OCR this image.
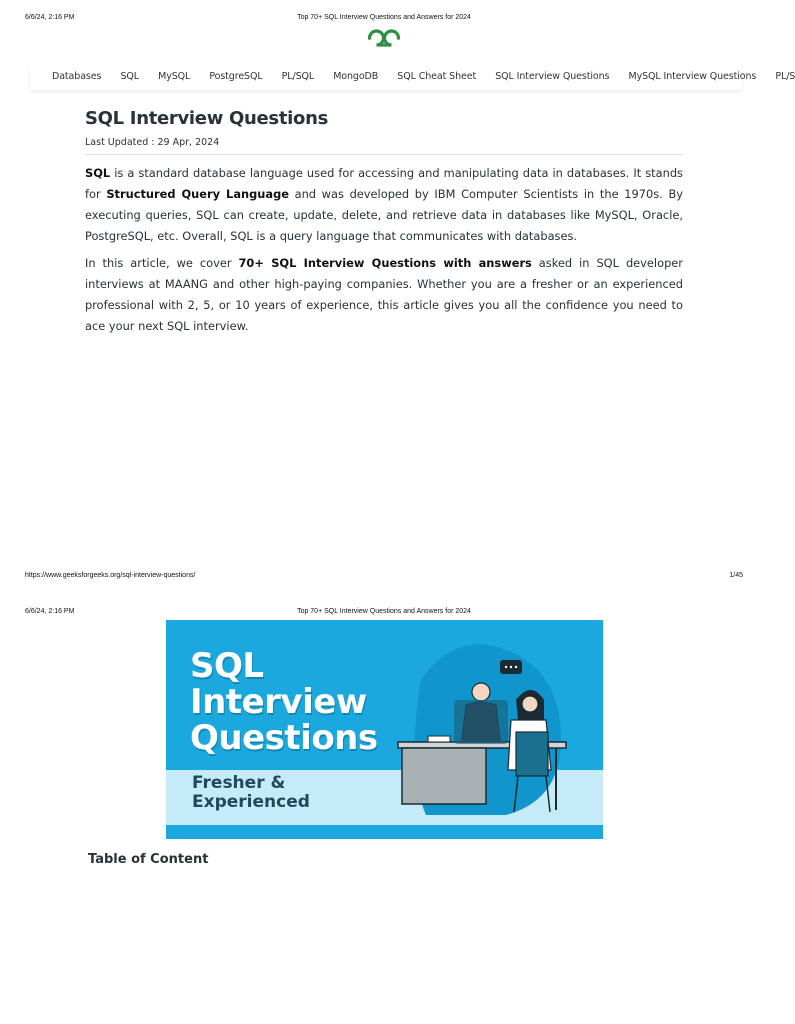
6/6/24, 2:16 PM	Top 70+ SQL Interview Questions and Answers for 2024
Databases SQL MySQL PostgreSQL PL/SQL MongoDB SQL Cheat Sheet SQL Interview Questions MySQL Interview Questions PL/S
SQL Interview Questions
Last Updated : 29 Apr, 2024

SQL is a standard database language used for accessing and manipulating data in databases. It stands for Structured Query Language and was developed by IBM Computer Scientists in the 1970s. By executing queries, SQL can create, update, delete, and retrieve data in databases like MySQL, Oracle, PostgreSQL, etc. Overall, SQL is a query language that communicates with databases.

In this article, we cover 70+ SQL Interview Questions with answers asked in SQL developer interviews at MAANG and other high-paying companies. Whether you are a fresher or an experienced professional with 2, 5, or 10 years of experience, this article gives you all the confidence you need to ace your next SQL interview.

https://www.geeksforgeeks.org/sql-interview-questions/	1/45
6/6/24, 2:16 PM	Top 70+ SQL Interview Questions and Answers for 2024
SQL
Interview
Questions
Fresher &
Experienced
Table of Content
